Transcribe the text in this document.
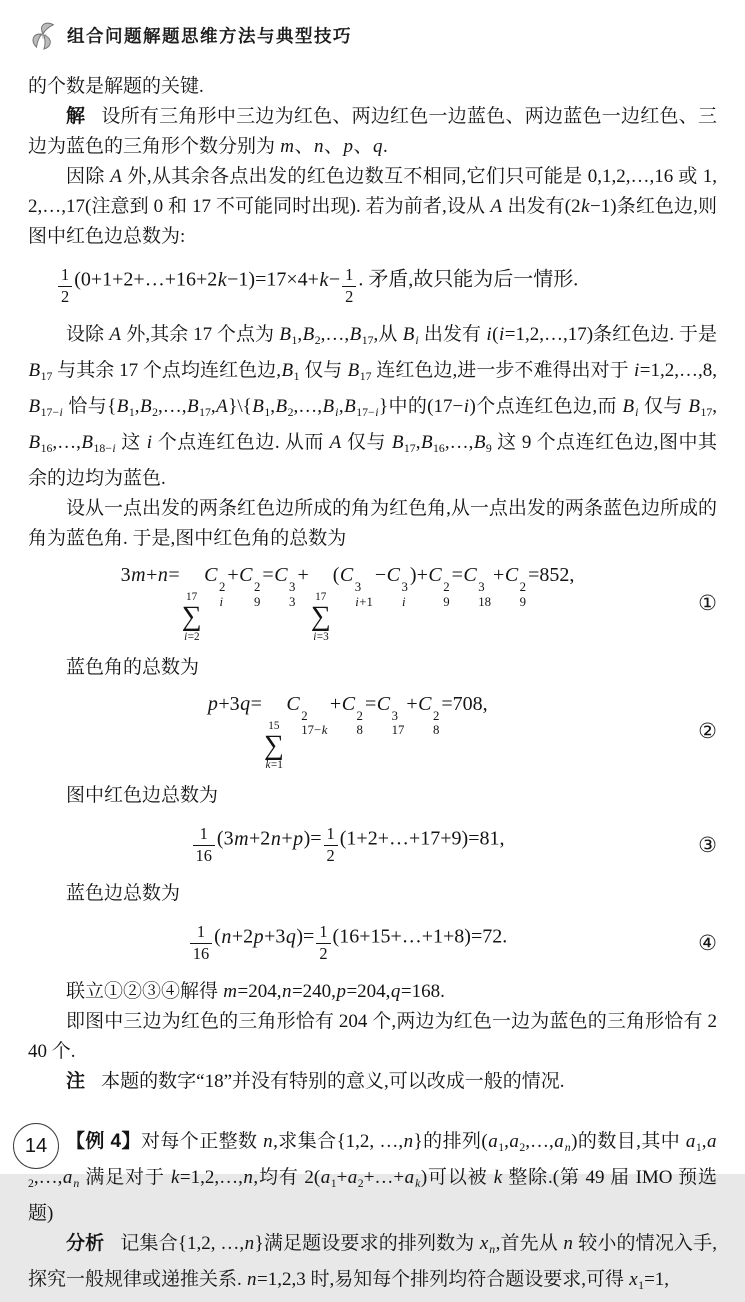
组合问题解题思维方法与典型技巧

的个数是解题的关键.

解 设所有三角形中三边为红色、两边红色一边蓝色、两边蓝色一边红色、三边为蓝色的三角形个数分别为 m、n、p、q.

因除 A 外,从其余各点出发的红色边数互不相同,它们只可能是 0,1,2,…,16 或 1,2,…,17(注意到 0 和 17 不可能同时出现). 若为前者,设从 A 出发有(2k−1)条红色边,则图中红色边总数为:

$\frac{1}{2}$ (0+1+2+…+16+2k−1)=17×4+k− $\frac{1}{2}$ . 矛盾,故只能为后一情形.

设除 A 外,其余 17 个点为 $B_1,B_2,\dots,B_{17}$,从 $B_i$ 出发有 i(i=1,2,…,17)条红色边. 于是 $B_{17}$ 与其余 17 个点均连红色边$,B_1$ 仅与 $B_{17}$ 连红色边,进一步不难得出对于 $i=1,2,\dots,8,B_{17-i}$ 恰与$\{B_1,B_2,\dots,B_{17},A\}\backslash\{B_1,B_2,\dots,B_i,B_{17-i}\}$中的(17−i)个点连红色边,而 $B_i$ 仅与 $B_{17},B_{16},\dots,B_{18-i}$ 这 i 个点连红色边. 从而 A 仅与 $B_{17},B_{16},\dots,B_9$ 这 9 个点连红色边,图中其余的边均为蓝色.

设从一点出发的两条红色边所成的角为红色角,从一点出发的两条蓝色边所成的角为蓝色角. 于是,图中红色角的总数为

3m+n=
17
∑
i=2
C
2
i
+C
2
9
=C
3
3
+
17
∑
i=3
(C
3
i+1
−C
3
i
)+C
2
9
=C
3
18
+C
2
9
=852,
①

蓝色角的总数为

p+3q=
15
∑
k=1
C
2
17−k
+C
2
8
=C
3
17
+C
2
8
=708,
②

图中红色边总数为

$\frac{1}{16} (3m+2n+p)= \frac{1}{2}$ (1+2+…+17+9)=81,	③

蓝色边总数为

$\frac{1}{16} (n+2p+3q)= \frac{1}{2}$ (16+15+…+1+8)=72.	④

联立①②③④解得 m=204,n=240,p=204,q=168.

即图中三边为红色的三角形恰有 204 个,两边为红色一边为蓝色的三角形恰有 240 个.

注 本题的数字“18”并没有特别的意义,可以改成一般的情况.

【例 4】对每个正整数 n,求集合{1,2, …,n}的排列$(a_1,a_2,\dots,a_n)$的数目,其中 $a_1,a_2,\dots,a_n$ 满足对于 k=1,2,…,n,均有 $2(a_1+a_2+\dots+a_k)$可以被 k 整除.(第 49 届 IMO 预选题)

分析 记集合{1,2, …,n}满足题设要求的排列数为 $x_n$,首先从 n 较小的情况入手,探究一般规律或递推关系. n=1,2,3 时,易知每个排列均符合题设要求,可得 $x_1=1$,

14
